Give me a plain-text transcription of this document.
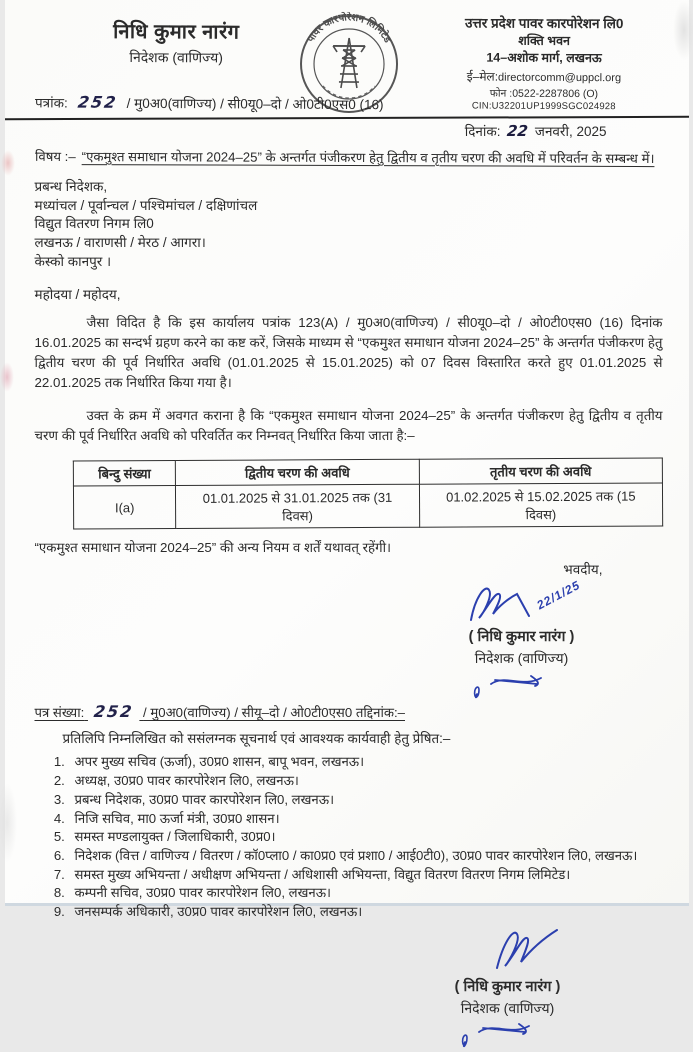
निधि कुमार नारंग
निदेशक (वाणिज्य)
पावर कारपोरेशन लिमिटेड
उत्तर प्रदेश पावर कारपोरेशन लि0
शक्ति भवन
14–अशोक मार्ग, लखनऊ
ई–मेल:directorcomm@uppcl.org
फोन :0522-2287806 (O)
CIN:U32201UP1999SGC024928
पत्रांक: 252 / मु0अ0(वाणिज्य) / सी0यू0–दो / ओ0टी0एस0 (16)
दिनांक: 22 जनवरी, 2025
विषय :– “एकमुश्त समाधान योजना 2024–25” के अन्तर्गत पंजीकरण हेतु द्वितीय व तृतीय चरण की अवधि में परिवर्तन के सम्बन्ध में।
प्रबन्ध निदेशक,
मध्यांचल / पूर्वान्चल / पश्चिमांचल / दक्षिणांचल
विद्युत वितरण निगम लि0
लखनऊ / वाराणसी / मेरठ / आगरा।
केस्को कानपुर ।
महोदया / महोदय,

जैसा विदित है कि इस कार्यालय पत्रांक 123(A) / मु0अ0(वाणिज्य) / सी0यू0–दो / ओ0टी0एस0 (16) दिनांक 16.01.2025 का सन्दर्भ ग्रहण करने का कष्ट करें, जिसके माध्यम से “एकमुश्त समाधान योजना 2024–25” के अन्तर्गत पंजीकरण हेतु द्वितीय चरण की पूर्व निर्धारित अवधि (01.01.2025 से 15.01.2025) को 07 दिवस विस्तारित करते हुए 01.01.2025 से 22.01.2025 तक निर्धारित किया गया है।

उक्त के क्रम में अवगत कराना है कि “एकमुश्त समाधान योजना 2024–25” के अन्तर्गत पंजीकरण हेतु द्वितीय व तृतीय चरण की पूर्व निर्धारित अवधि को परिवर्तित कर निम्नवत् निर्धारित किया जाता है:–

बिन्दु संख्या	द्वितीय चरण की अवधि	तृतीय चरण की अवधि
I(a)	01.01.2025 से 31.01.2025 तक (31 दिवस)	01.02.2025 से 15.02.2025 तक (15 दिवस)
“एकमुश्त समाधान योजना 2024–25” की अन्य नियम व शर्तें यथावत् रहेंगी।
भवदीय,
22/1/25
( निधि कुमार नारंग )
निदेशक (वाणिज्य)
पत्र संख्या: 252 / मु0अ0(वाणिज्य) / सीयू–दो / ओ0टी0एस0 तद्दिनांक:–
प्रतिलिपि निम्नलिखित को ससंलग्नक सूचनार्थ एवं आवश्यक कार्यवाही हेतु प्रेषित:–
1. अपर मुख्य सचिव (ऊर्जा), उ0प्र0 शासन, बापू भवन, लखनऊ।
2. अध्यक्ष, उ0प्र0 पावर कारपोरेशन लि0, लखनऊ।
3. प्रबन्ध निदेशक, उ0प्र0 पावर कारपोरेशन लि0, लखनऊ।
4. निजि सचिव, मा0 ऊर्जा मंत्री, उ0प्र0 शासन।
5. समस्त मण्डलायुक्त / जिलाधिकारी, उ0प्र0।
6. निदेशक (वित्त / वाणिज्य / वितरण / कॉ0प्ला0 / का0प्र0 एवं प्रशा0 / आई0टी0), उ0प्र0 पावर कारपोरेशन लि0, लखनऊ।
7. समस्त मुख्य अभियन्ता / अधीक्षण अभियन्ता / अधिशासी अभियन्ता, विद्युत वितरण वितरण निगम लिमिटेड।
8. कम्पनी सचिव, उ0प्र0 पावर कारपोरेशन लि0, लखनऊ।
9. जनसम्पर्क अधिकारी, उ0प्र0 पावर कारपोरेशन लि0, लखनऊ।
( निधि कुमार नारंग )
निदेशक (वाणिज्य)
